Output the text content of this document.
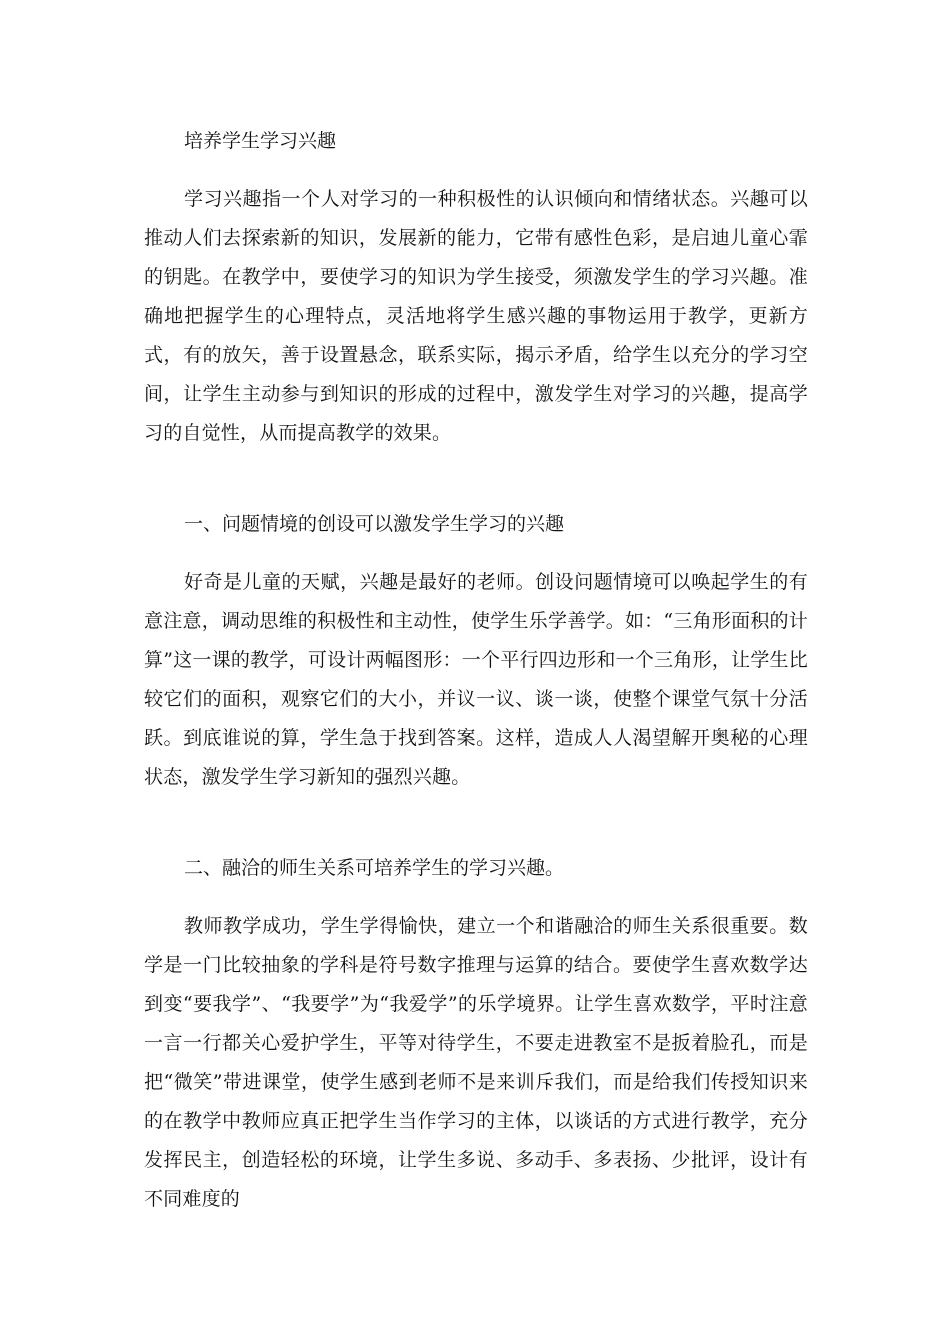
培养学生学习兴趣

学习兴趣指一个人对学习的一种积极性的认识倾向和情绪状态。兴趣可以推动人们去探索新的知识，发展新的能力，它带有感性色彩，是启迪儿童心霏的钥匙。在教学中，要使学习的知识为学生接受，须激发学生的学习兴趣。准确地把握学生的心理特点，灵活地将学生感兴趣的事物运用于教学，更新方式，有的放矢，善于设置悬念，联系实际，揭示矛盾，给学生以充分的学习空间，让学生主动参与到知识的形成的过程中，激发学生对学习的兴趣，提高学习的自觉性，从而提高教学的效果。

一、问题情境的创设可以激发学生学习的兴趣

好奇是儿童的天赋，兴趣是最好的老师。创设问题情境可以唤起学生的有意注意，调动思维的积极性和主动性，使学生乐学善学。如：“三角形面积的计算”这一课的教学，可设计两幅图形：一个平行四边形和一个三角形，让学生比较它们的面积，观察它们的大小，并议一议、谈一谈，使整个课堂气氛十分活跃。到底谁说的算，学生急于找到答案。这样，造成人人渴望解开奥秘的心理状态，激发学生学习新知的强烈兴趣。

二、融洽的师生关系可培养学生的学习兴趣。

教师教学成功，学生学得愉快，建立一个和谐融洽的师生关系很重要。数学是一门比较抽象的学科是符号数字推理与运算的结合。要使学生喜欢数学达到变“要我学”、“我要学”为“我爱学”的乐学境界。让学生喜欢数学，平时注意一言一行都关心爱护学生，平等对待学生，不要走进教室不是扳着脸孔，而是把“微笑”带进课堂，使学生感到老师不是来训斥我们，而是给我们传授知识来的在教学中教师应真正把学生当作学习的主体，以谈话的方式进行教学，充分发挥民主，创造轻松的环境，让学生多说、多动手、多表扬、少批评，设计有不同难度的
